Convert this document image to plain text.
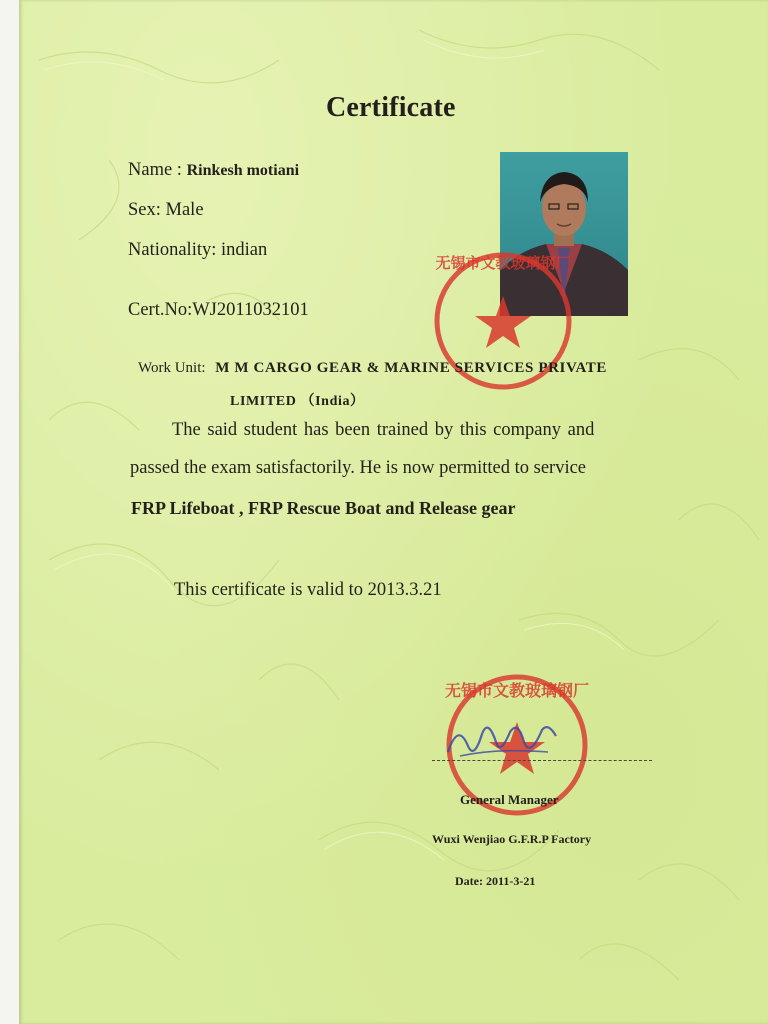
Certificate
Name : Rinkesh motiani
Sex: Male
Nationality: indian
Cert.No:WJ2011032101
无锡市文教玻璃钢厂
Work Unit: M M CARGO GEAR & MARINE SERVICES PRIVATE
LIMITED （India）
The said student has been trained by this company and
passed the exam satisfactorily. He is now permitted to service
FRP Lifeboat , FRP Rescue Boat and Release gear
This certificate is valid to 2013.3.21
无锡市文教玻璃钢厂
General Manager
Wuxi Wenjiao G.F.R.P Factory
Date: 2011-3-21
